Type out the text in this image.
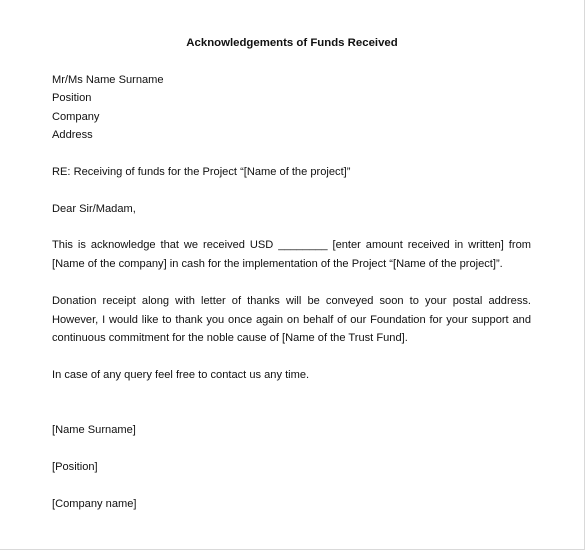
Acknowledgements of Funds Received
Mr/Ms Name Surname
Position
Company
Address
RE: Receiving of funds for the Project “[Name of the project]”
Dear Sir/Madam,
This is acknowledge that we received USD ________ [enter amount received in written] from [Name of the company] in cash for the implementation of the Project “[Name of the project]”.
Donation receipt along with letter of thanks will be conveyed soon to your postal address. However, I would like to thank you once again on behalf of our Foundation for your support and continuous commitment for the noble cause of [Name of the Trust Fund].
In case of any query feel free to contact us any time.
[Name Surname]
[Position]
[Company name]
